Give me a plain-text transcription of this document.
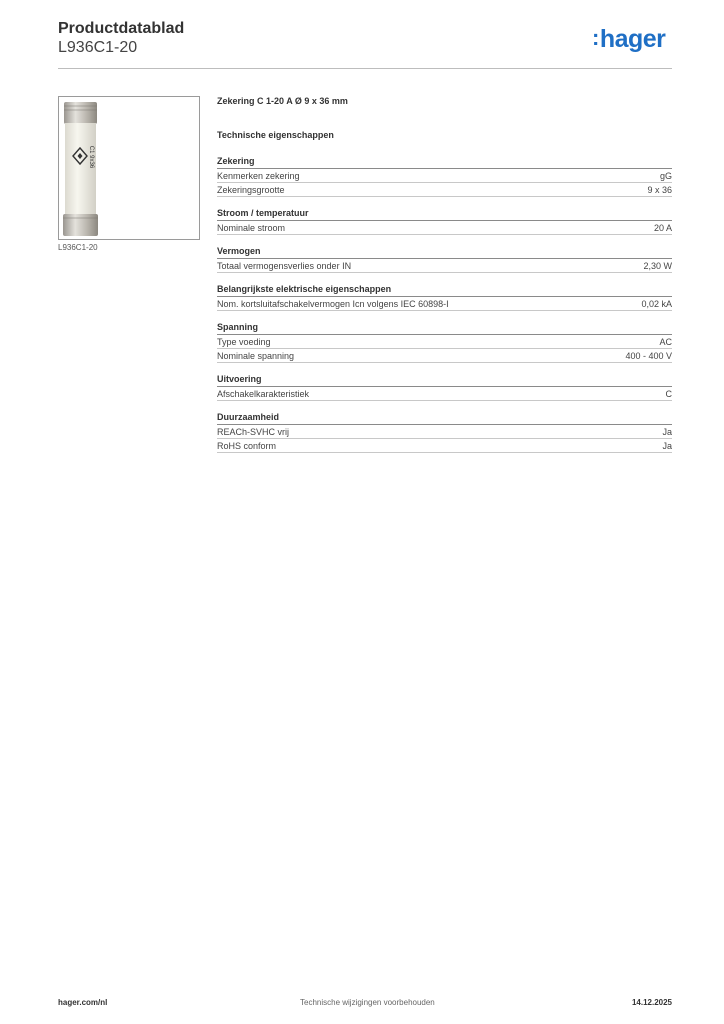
Productdatablad
L936C1-20	:hager
C1 9x36
L936C1-20
Zekering C 1-20 A Ø 9 x 36 mm
Technische eigenschappen
Zekering
Kenmerken zekering	gG
Zekeringsgrootte	9 x 36
Stroom / temperatuur
Nominale stroom	20 A
Vermogen
Totaal vermogensverlies onder IN	2,30 W
Belangrijkste elektrische eigenschappen
Nom. kortsluitafschakelvermogen Icn volgens IEC 60898-I	0,02 kA
Spanning
Type voeding	AC
Nominale spanning	400 - 400 V
Uitvoering
Afschakelkarakteristiek	C
Duurzaamheid
REACh-SVHC vrij	Ja
RoHS conform	Ja
hager.com/nl	Technische wijzigingen voorbehouden	14.12.2025
